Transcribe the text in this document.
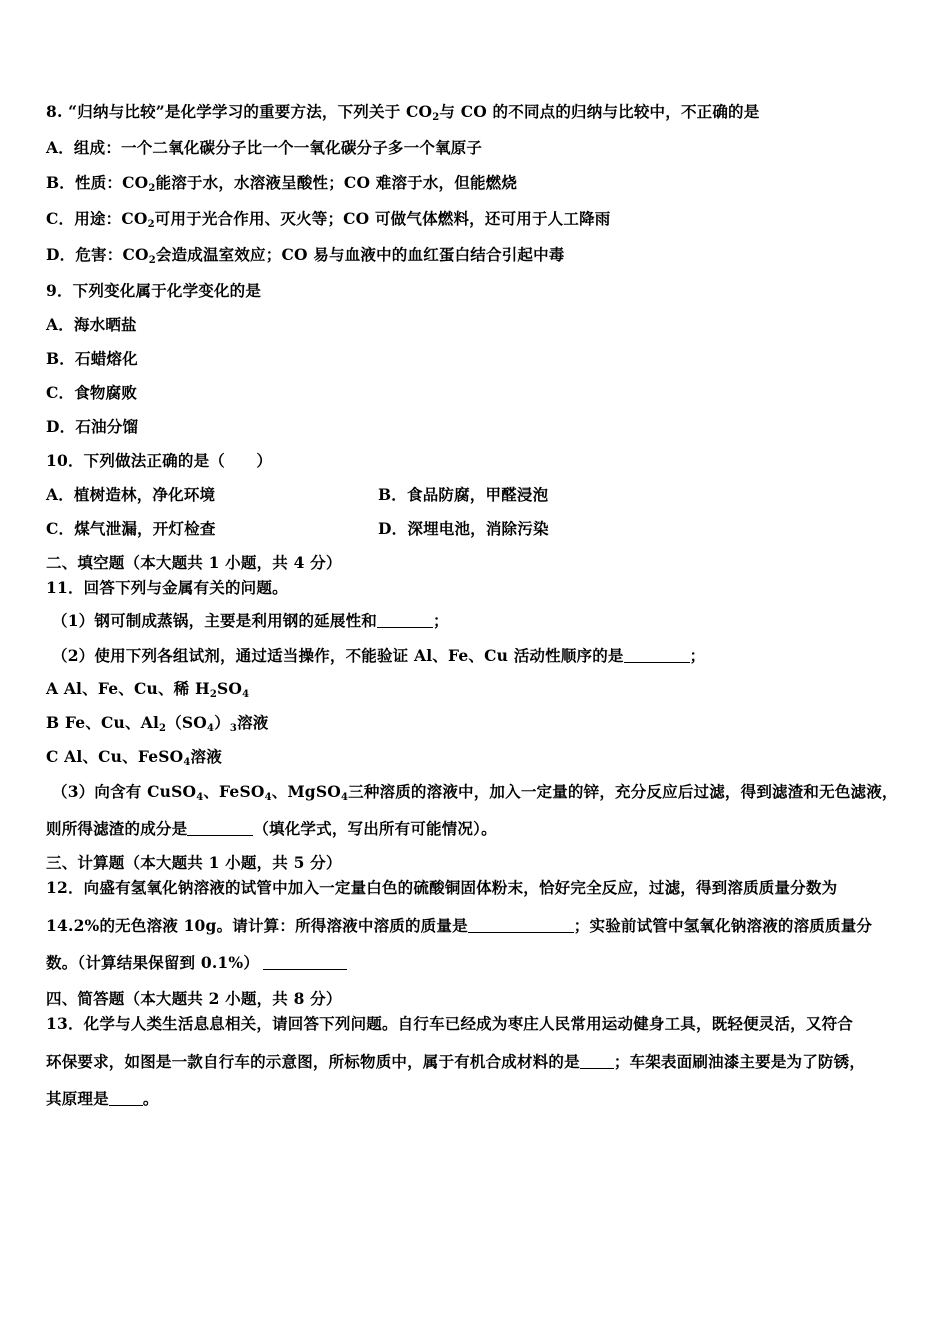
8. “归纳与比较”是化学学习的重要方法，下列关于 $CO_2$与 CO 的不同点的归纳与比较中，不正确的是
A．组成：一个二氧化碳分子比一个一氧化碳分子多一个氧原子
B．性质：$CO_2$能溶于水，水溶液呈酸性；CO 难溶于水，但能燃烧
C．用途：$CO_2$可用于光合作用、灭火等；CO 可做气体燃料，还可用于人工降雨
D．危害：$CO_2$会造成温室效应；CO 易与血液中的血红蛋白结合引起中毒
9．下列变化属于化学变化的是
A．海水晒盐
B．石蜡熔化
C．食物腐败
D．石油分馏
10．下列做法正确的是（　　）
A．植树造林，净化环境	B．食品防腐，甲醛浸泡
C．煤气泄漏，开灯检查	D．深埋电池，消除污染
二、填空题（本大题共 1 小题，共 4 分）
11．回答下列与金属有关的问题。
（1）钢可制成蒸锅，主要是利用钢的延展性和	；
（2）使用下列各组试剂，通过适当操作，不能验证 Al、Fe、Cu 活动性顺序的是	；
A Al、Fe、Cu、稀 $H_2SO_4$
B Fe、Cu、$Al_2(SO_4)_3$溶液
C Al、Cu、FeSO$_4$溶液
（3）向含有 CuSO$_4$、FeSO$_4$、MgSO$_4$三种溶质的溶液中，加入一定量的锌，充分反应后过滤，得到滤渣和无色滤液，
则所得滤渣的成分是	（填化学式，写出所有可能情况）。
三、计算题（本大题共 1 小题，共 5 分）
12．向盛有氢氧化钠溶液的试管中加入一定量白色的硫酸铜固体粉末，恰好完全反应，过滤，得到溶质质量分数为
14.2%的无色溶液 10g。请计算：所得溶液中溶质的质量是	；实验前试管中氢氧化钠溶液的溶质质量分
数。（计算结果保留到 0.1%）
四、简答题（本大题共 2 小题，共 8 分）
13．化学与人类生活息息相关，请回答下列问题。自行车已经成为枣庄人民常用运动健身工具，既轻便灵活，又符合
环保要求，如图是一款自行车的示意图，所标物质中，属于有机合成材料的是 ；车架表面刷油漆主要是为了防锈，
其原理是 。
